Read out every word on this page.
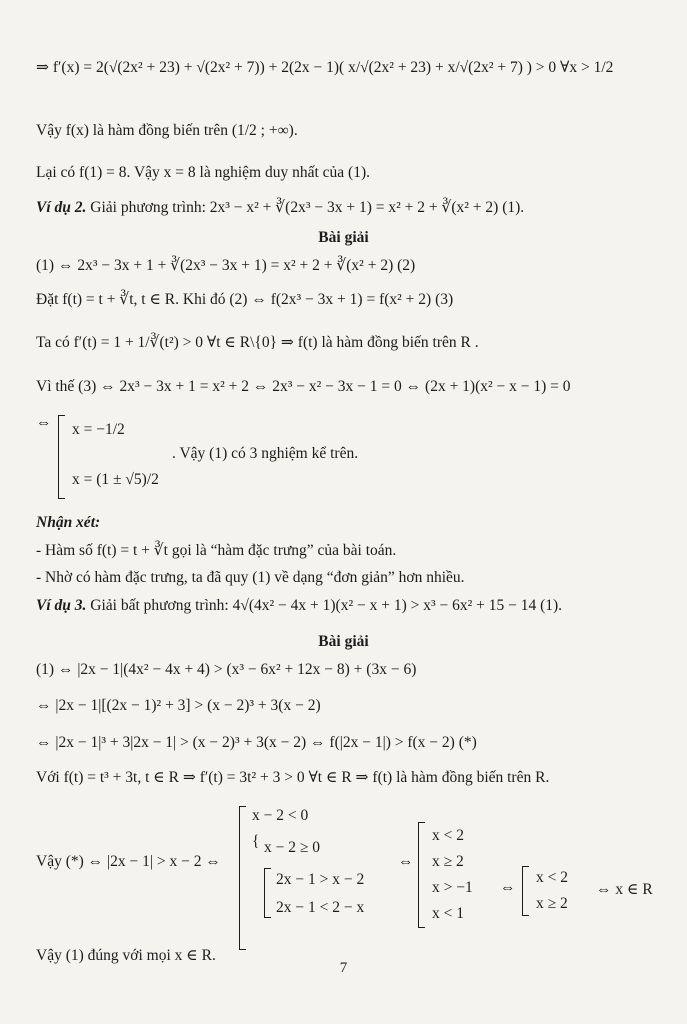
⇒ f′(x) = 2(√(2x² + 23) + √(2x² + 7)) + 2(2x − 1)( x/√(2x² + 23) + x/√(2x² + 7) ) > 0 ∀x > 1/2
Vậy f(x) là hàm đồng biến trên (1/2 ; +∞).
Lại có f(1) = 8. Vậy x = 8 là nghiệm duy nhất của (1).
Ví dụ 2. Giải phương trình: 2x³ − x² + ∛(2x³ − 3x + 1) = x² + 2 + ∛(x² + 2) (1).
Bài giải
(1) ⇔ 2x³ − 3x + 1 + ∛(2x³ − 3x + 1) = x² + 2 + ∛(x² + 2) (2)
Đặt f(t) = t + ∛t, t ∈ R. Khi đó (2) ⇔ f(2x³ − 3x + 1) = f(x² + 2) (3)
Ta có f′(t) = 1 + 1/∛(t²) > 0 ∀t ∈ R\{0} ⇒ f(t) là hàm đồng biến trên R .
Vì thế (3) ⇔ 2x³ − 3x + 1 = x² + 2 ⇔ 2x³ − x² − 3x − 1 = 0 ⇔ (2x + 1)(x² − x − 1) = 0
⇔ x = −1/2
x = (1 ± √5)/2
. Vậy (1) có 3 nghiệm kể trên.
Nhận xét:
- Hàm số f(t) = t + ∛t gọi là “hàm đặc trưng” của bài toán.
- Nhờ có hàm đặc trưng, ta đã quy (1) về dạng “đơn giản” hơn nhiều.
Ví dụ 3. Giải bất phương trình: 4√(4x² − 4x + 1)(x² − x + 1) > x³ − 6x² + 15 − 14 (1).
Bài giải
(1) ⇔ |2x − 1|(4x² − 4x + 4) > (x³ − 6x² + 12x − 8) + (3x − 6)
⇔ |2x − 1|[(2x − 1)² + 3] > (x − 2)³ + 3(x − 2)
⇔ |2x − 1|³ + 3|2x − 1| > (x − 2)³ + 3(x − 2) ⇔ f(|2x − 1|) > f(x − 2) (*)
Với f(t) = t³ + 3t, t ∈ R ⇒ f′(t) = 3t² + 3 > 0 ∀t ∈ R ⇒ f(t) là hàm đồng biến trên R.
Vậy (*) ⇔ |2x − 1| > x − 2 ⇔
x − 2 < 0
{ x − 2 ≥ 0
2x − 1 > x − 2
2x − 1 < 2 − x
⇔
x < 2
x ≥ 2
x > −1
x < 1
⇔
x < 2
x ≥ 2
⇔ x ∈ R
Vậy (1) đúng với mọi x ∈ R.
7
